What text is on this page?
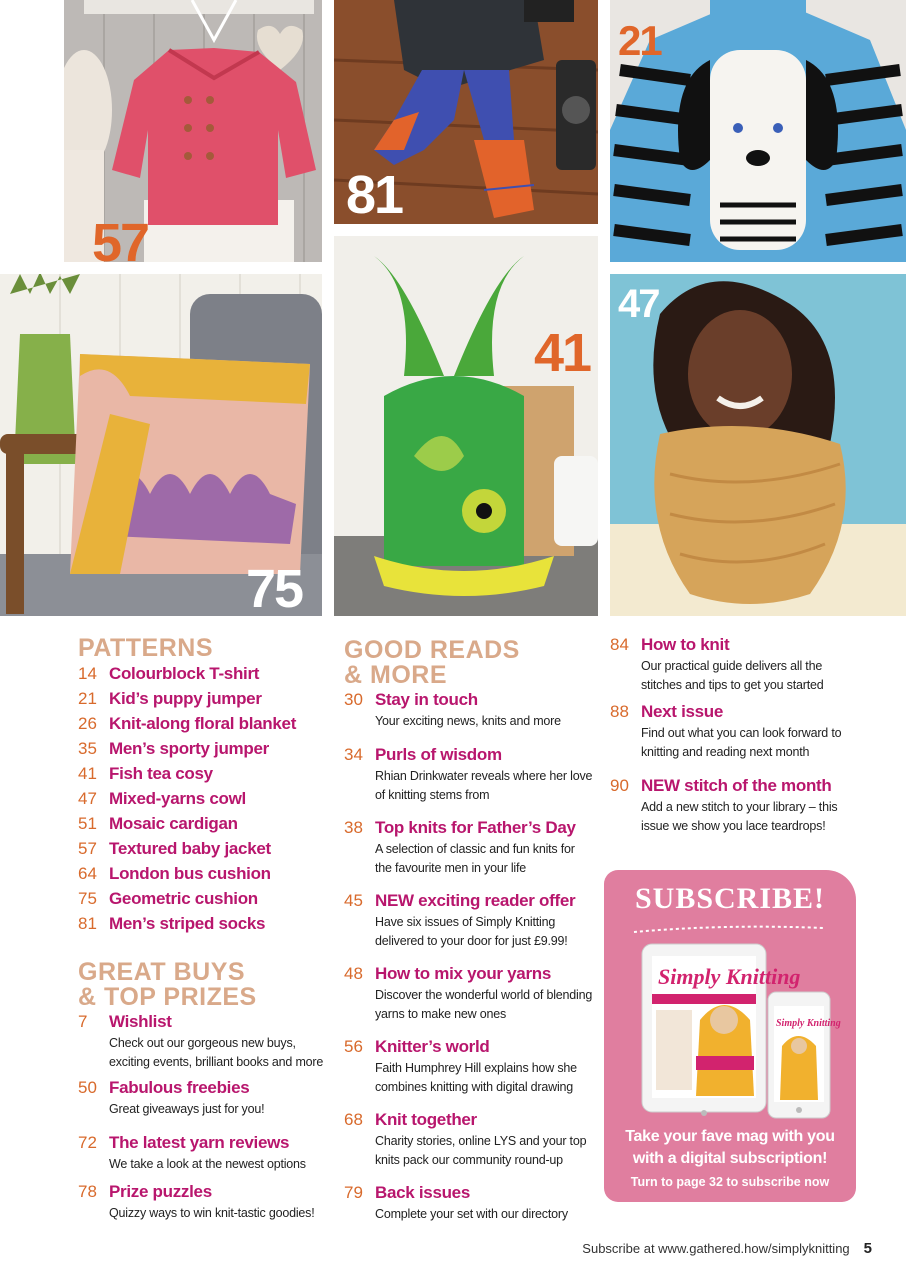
57
81
21
75
41
47
PATTERNS
14 Colourblock T-shirt
21 Kid’s puppy jumper
26 Knit-along floral blanket
35 Men’s sporty jumper
41 Fish tea cosy
47 Mixed-yarns cowl
51 Mosaic cardigan
57 Textured baby jacket
64 London bus cushion
75 Geometric cushion
81 Men’s striped socks
GREAT BUYS
& TOP PRIZES
7	Wishlist
Check out our gorgeous new buys, exciting events, brilliant books and more
50 Fabulous freebies
Great giveaways just for you!
72 The latest yarn reviews
We take a look at the newest options
78 Prize puzzles
Quizzy ways to win knit-tastic goodies!
GOOD READS
& MORE
30 Stay in touch
Your exciting news, knits and more
34 Purls of wisdom
Rhian Drinkwater reveals where her love of knitting stems from
38 Top knits for Father’s Day
A selection of classic and fun knits for the favourite men in your life
45 NEW exciting reader offer
Have six issues of Simply Knitting delivered to your door for just £9.99!
48 How to mix your yarns
Discover the wonderful world of blending yarns to make new ones
56 Knitter’s world
Faith Humphrey Hill explains how she combines knitting with digital drawing
68 Knit together
Charity stories, online LYS and your top knits pack our community round-up
79 Back issues
Complete your set with our directory
84 How to knit
Our practical guide delivers all the stitches and tips to get you started
88 Next issue
Find out what you can look forward to knitting and reading next month
90 NEW stitch of the month
Add a new stitch to your library – this issue we show you lace teardrops!
SUBSCRIBE!
Simply Knitting
Simply Knitting
Take your fave mag with you
with a digital subscription!
Turn to page 32 to subscribe now
Subscribe at www.gathered.how/simplyknitting 5
